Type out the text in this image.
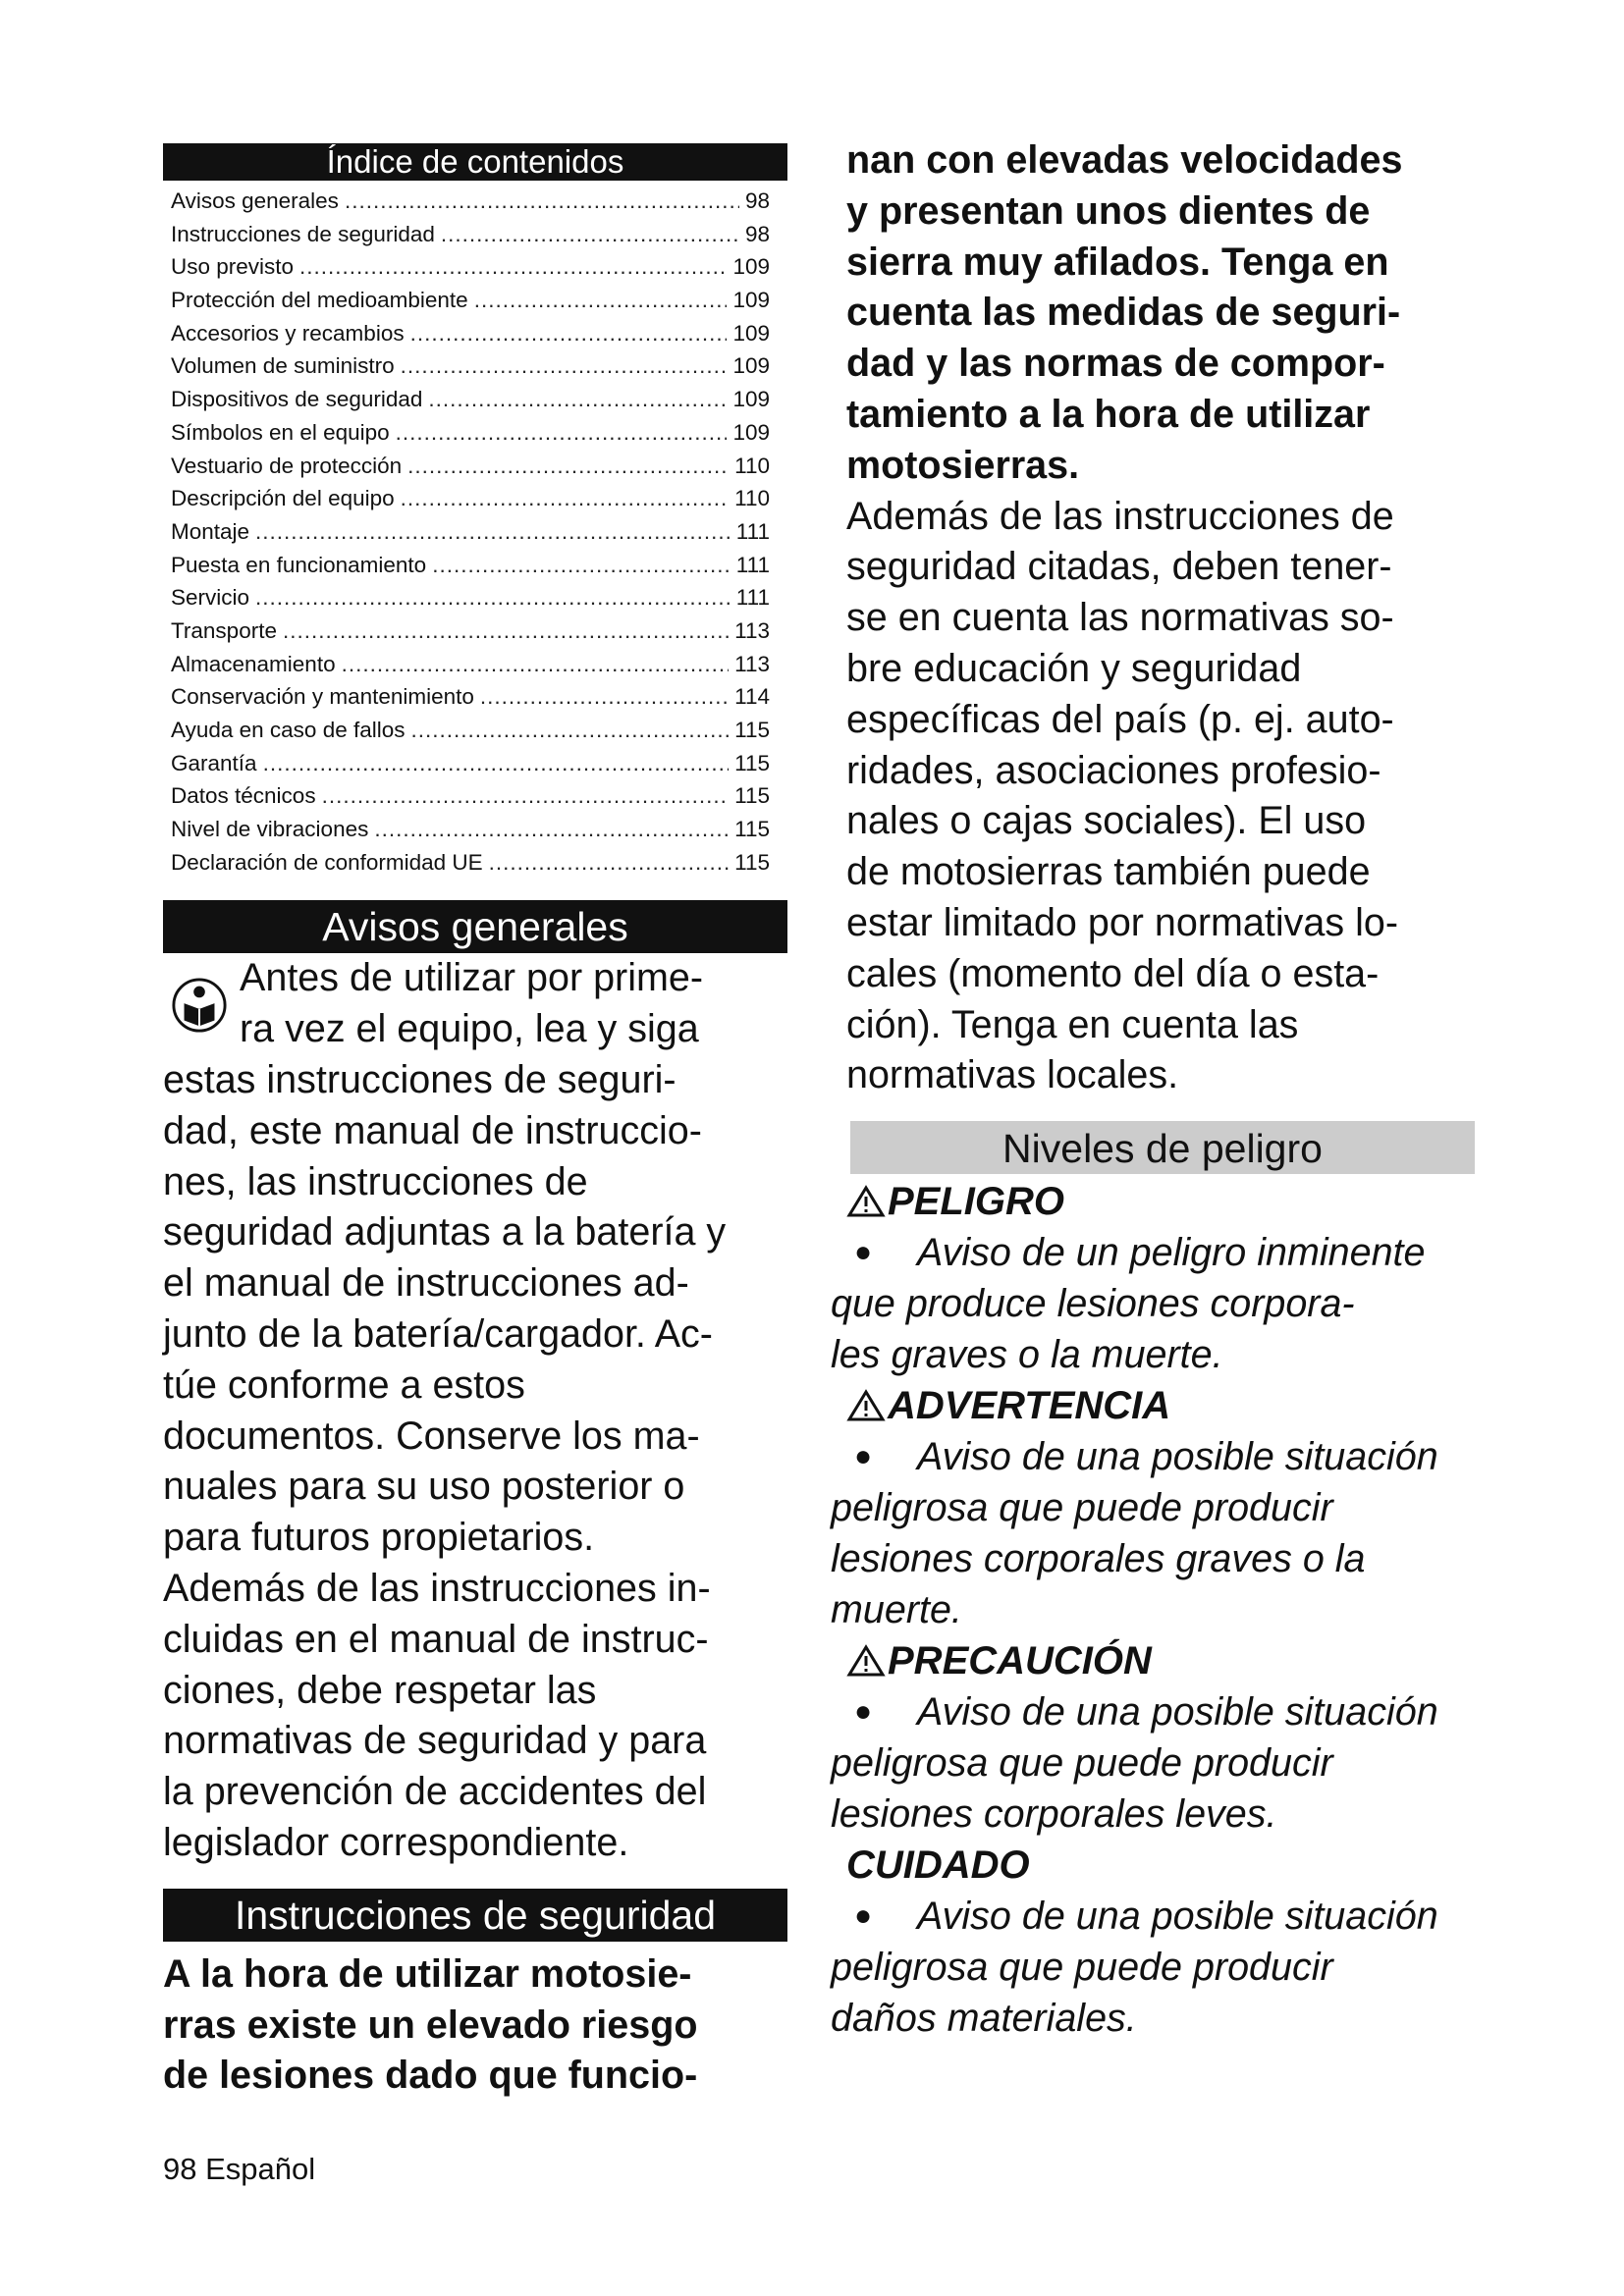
Índice de contenidos
Avisos generales .....	98
Instrucciones de seguridad .....	98
Uso previsto .....	109
Protección del medioambiente .....	109
Accesorios y recambios .....	109
Volumen de suministro .....	109
Dispositivos de seguridad .....	109
Símbolos en el equipo .....	109
Vestuario de protección .....	110
Descripción del equipo .....	110
Montaje .....	111
Puesta en funcionamiento .....	111
Servicio .....	111
Transporte .....	113
Almacenamiento .....	113
Conservación y mantenimiento .....	114
Ayuda en caso de fallos .....	115
Garantía .....	115
Datos técnicos .....	115
Nivel de vibraciones .....	115
Declaración de conformidad UE .....	115
Avisos generales

Antes de utilizar por prime-

ra vez el equipo, lea y siga

estas instrucciones de seguri-

dad, este manual de instruccio-

nes, las instrucciones de

seguridad adjuntas a la batería y

el manual de instrucciones ad-

junto de la batería/cargador. Ac-

túe conforme a estos

documentos. Conserve los ma-

nuales para su uso posterior o

para futuros propietarios.

Además de las instrucciones in-

cluidas en el manual de instruc-

ciones, debe respetar las

normativas de seguridad y para

la prevención de accidentes del

legislador correspondiente.

Instrucciones de seguridad

A la hora de utilizar motosie-

rras existe un elevado riesgo

de lesiones dado que funcio-

nan con elevadas velocidades

y presentan unos dientes de

sierra muy afilados. Tenga en

cuenta las medidas de seguri-

dad y las normas de compor-

tamiento a la hora de utilizar

motosierras.

Además de las instrucciones de

seguridad citadas, deben tener-

se en cuenta las normativas so-

bre educación y seguridad

específicas del país (p. ej. auto-

ridades, asociaciones profesio-

nales o cajas sociales). El uso

de motosierras también puede

estar limitado por normativas lo-

cales (momento del día o esta-

ción). Tenga en cuenta las

normativas locales.

Niveles de peligro

PELIGRO

●	Aviso de un peligro inminente
que produce lesiones corpora-
les graves o la muerte.

ADVERTENCIA

●	Aviso de una posible situación
peligrosa que puede producir
lesiones corporales graves o la
muerte.

PRECAUCIÓN

●	Aviso de una posible situación
peligrosa que puede producir
lesiones corporales leves.

CUIDADO

●	Aviso de una posible situación
peligrosa que puede producir
daños materiales.
98 Español
